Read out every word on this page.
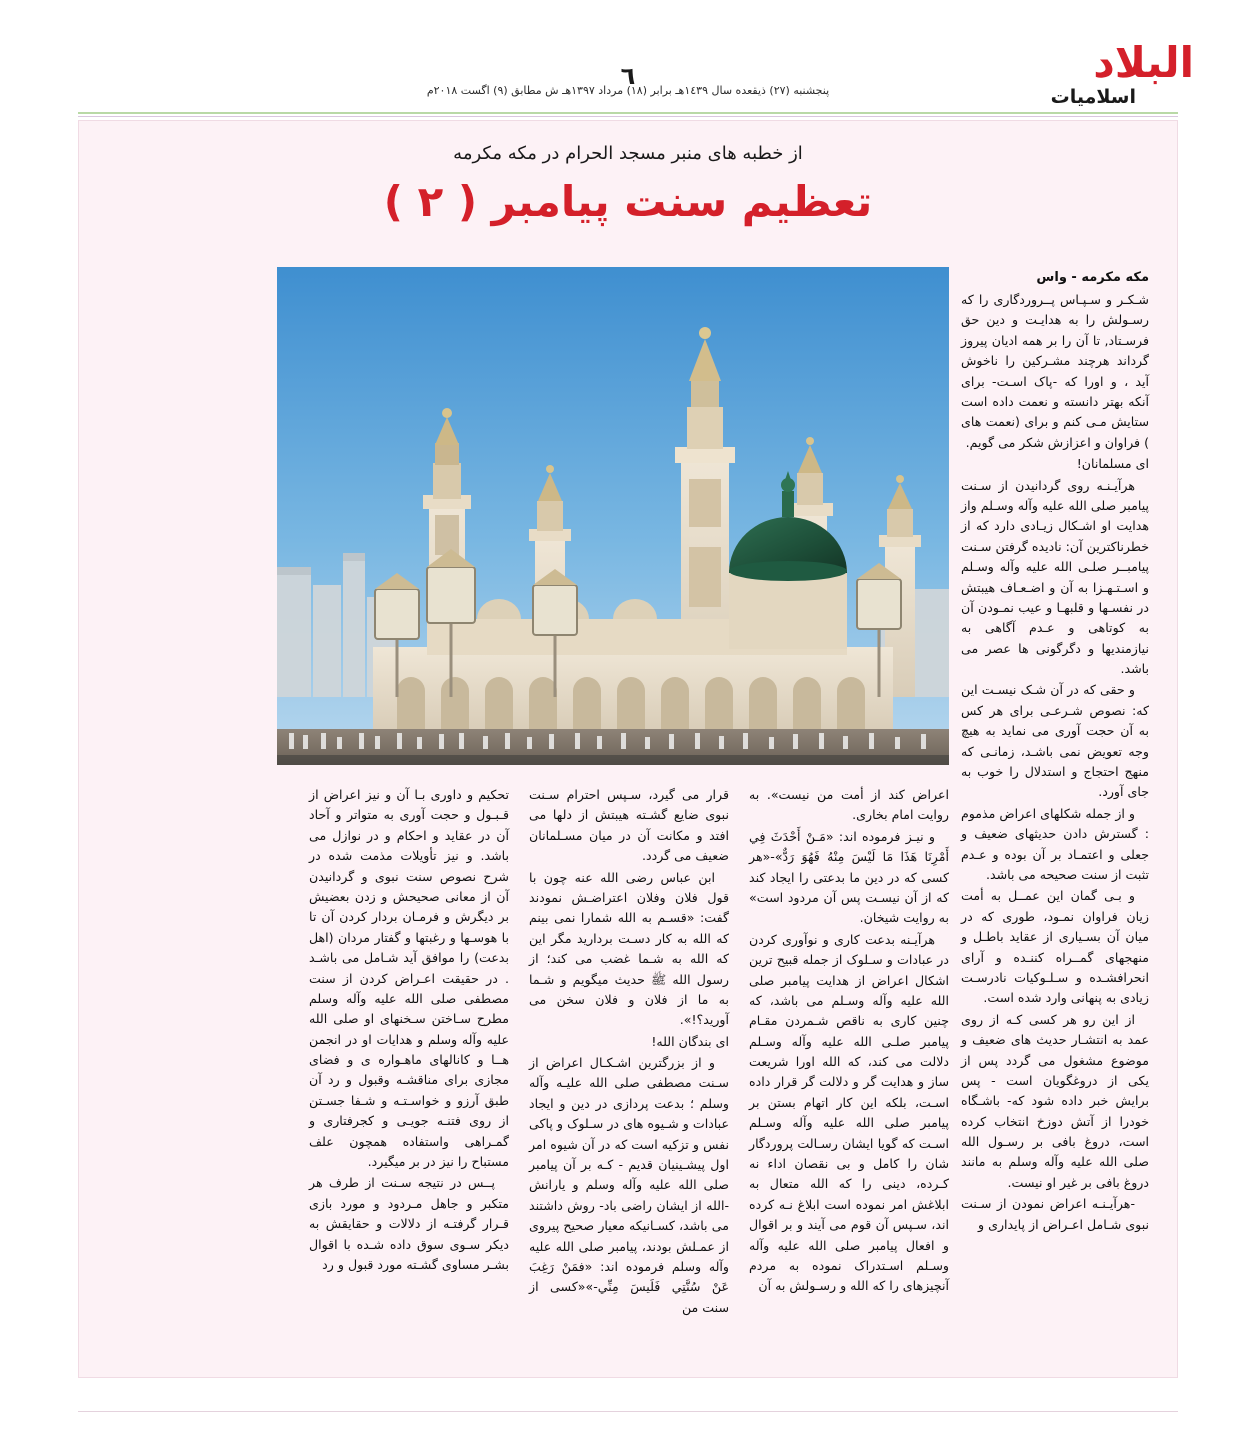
البلاد
٦
پنجشنبه (٢٧) ذیقعده سال ١٤٣٩هـ برابر (١٨) مرداد ١٣٩٧هـ ش مطابق (٩) اگست ٢٠١٨م	اسلامیات
از خطبه های منبر مسجد الحرام در مکه مکرمه
تعظیم سنت پیامبر ( ۲ )

مکه مکرمه - واس
شـکـر و سـپـاس پــروردگاری را که رسـولش را به هدایـت و دین حق فرسـتاد, تا آن را بر همه ادیان پیروز گرداند هرچند مشـرکین را ناخوش آید ، و اورا که -پاک اسـت- برای آنکه بهتر دانسته و نعمت داده است ستایش مـی کنم و برای (نعمت های ) فراوان و اعزازش شکر می گویم.

ای مسلمانان!

هرآیـنـه روی گردانیدن از سـنت پیامبر صلی الله علیه وآله وسـلم واز هدایت او اشـکال زیـادی دارد که از خطرناکترین آن: نادیده گرفتن سـنت پیامبــر صلـی الله علیه وآله وسـلم و اسـتـهـزا به آن و اضـعـاف هیبتش در نفسـها و قلبهـا و عیب نمـودن آن به کوتاهی و عـدم آگاهی به نیازمندیها و دگرگونی ها عصر می باشد.

و حقی که در آن شـک نیسـت این که: نصوص شـرعـی برای هر کس به آن حجت آوری می نماید به هیچ وجه تعویض نمی باشـد، زمانـی که منهج احتجاج و استدلال را خوب به جای آورد.

و از جمله شکلهای اعراض مذموم : گسترش دادن حدیثهای ضعیف و جعلی و اعتمـاد بر آن بوده و عـدم تثبت از سنت صحیحه می باشد.

و بـی گمان این عمــل به أمت زیان فراوان نمـود، طوری که در میان آن بسـیاری از عقاید باطـل و منهجهای گمــراه کننـده و آرای انحرافشـده و سـلـوکیات نادرسـت زیادی به پنهانی وارد شده است.

از این رو هر کسی کـه از روی عمد به انتشـار حدیث های ضعیف و موضوع مشغول می گردد پس از یکی از دروغگویان است - پس برایش خبر داده شود که- باشـگاه خودرا از آتش دوزخ انتخاب کرده است، دروغ بافی بر رسـول الله صلی الله علیه وآله وسلم به مانند دروغ بافی بر غیر او نیست.

-هرآیـنـه اعراض نمودن از سـنت نبوی شـامل اعـراض از پایداری و

تحکیم و داوری بـا آن و نیز اعراض از قـبـول و حجت آوری به متواتر و آحاد آن در عقاید و احکام و در نوازل می باشد. و نیز تأویلات مذمت شده در شرح نصوص سنت نبوی و گردانیدن آن از معانی صحیحش و زدن بعضیش بر دیگرش و فرمـان بردار کردن آن تا با هوسـها و رغبتها و گفتار مردان (اهل بدعت) را موافق آید شـامل می باشـد . در حقیقت اعـراض کردن از سنت مصطفی صلی الله علیه وآله وسلم مطرح سـاختن سـخنهای او صلی الله علیه وآله وسلم و هدایات او در انجمن هــا و کانالهای ماهـواره ی و فضای مجازی برای مناقشـه وقبول و رد آن طبق آرزو و خواسـتـه و شـفا جسـتن از روی فتنـه جویـی و کجرفتاری و گمـراهی واستفاده همچون علف مستباح را نیز در بر میگیرد.

پــس در نتیجه سـنت از طرف هر متکبر و جاهل مـردود و مورد بازی قـرار گرفتـه از دلالات و حقایقش به دیکر سـوی سوق داده شـده با اقوال بشـر مساوی گشـته مورد قبول و رد

قرار می گیرد، سـپس احترام سـنت نبوی ضایع گشـته هیبتش از دلها می افتد و مکانت آن در میان مسـلمانان ضعیف می گردد.

ابن عباس رضی الله عنه چون با قول فلان وفلان اعتراضـش نمودند گفت: «قسـم به الله شمارا نمی بینم که الله به کار دسـت بردارید مگر این که الله به شـما غضب می کند؛ از رسول الله ﷺ حدیث میگویم و شـما به ما از فلان و فلان سخن می آورید؟!».

ای بندگان الله!

و از بزرگترین اشـکـال اعراض از سـنت مصطفی صلی الله علیـه وآله وسلم ؛ بدعت پردازی در دین و ایجاد عبادات و شـیوه های در سـلوک و پاکی نفس و تزکیه است که در آن شیوه امر اول پیشـینیان قدیم - کـه بر آن پیامبر صلی الله علیه وآله وسلم و یارانش -الله از ایشان راضی باد- روش داشتند می باشد، کسـانیکه معیار صحیح پیروی از عمـلش بودند، پیامبر صلی الله علیه وآله وسلم فرموده اند: «فمَنْ رَغِبَ عَنْ سُنَّتِي فَلَیسَ مِنِّي-»«کسی از سنت من

اعراض کند از أمت من نیست». به روایت امام بخاری.

و نیـز فرموده اند: «مَـنْ أَحْدَثَ فِي أَمْرِنَا هَذَا مَا لَیْسَ مِنْهُ فَهُوَ رَدٌّ»-«هر کسی که در دین ما بدعتی را ایجاد کند که از آن نیسـت پس آن مردود است» به روایت شیخان.

هرآیـنه بدعت کاری و نوآوری کردن در عبادات و سـلوک از جمله قبیح ترین اشکال اعراض از هدایت پیامبر صلی الله علیه وآله وسـلم می باشد، که چنین کاری به ناقص شـمردن مقـام پیامبر صلـی الله علیه وآله وسـلم دلالت می کند، که الله اورا شریعت ساز و هدایت گر و دلالت گر قرار داده اسـت، بلکه این کار اتهام بستن بر پیامبر صلی الله علیه وآله وسـلم اسـت که گویا ایشان رسـالت پروردگار شان را کامل و بی نقصان اداء نه کـرده، دینی را که الله متعال به ابلاغش امر نموده است ابلاغ نـه کرده اند، سـپس آن قوم می آیند و بر اقوال و افعال پیامبر صلی الله علیه وآله وسـلم اسـتدراک نموده به مردم آنچیزهای را که الله و رسـولش به آن
